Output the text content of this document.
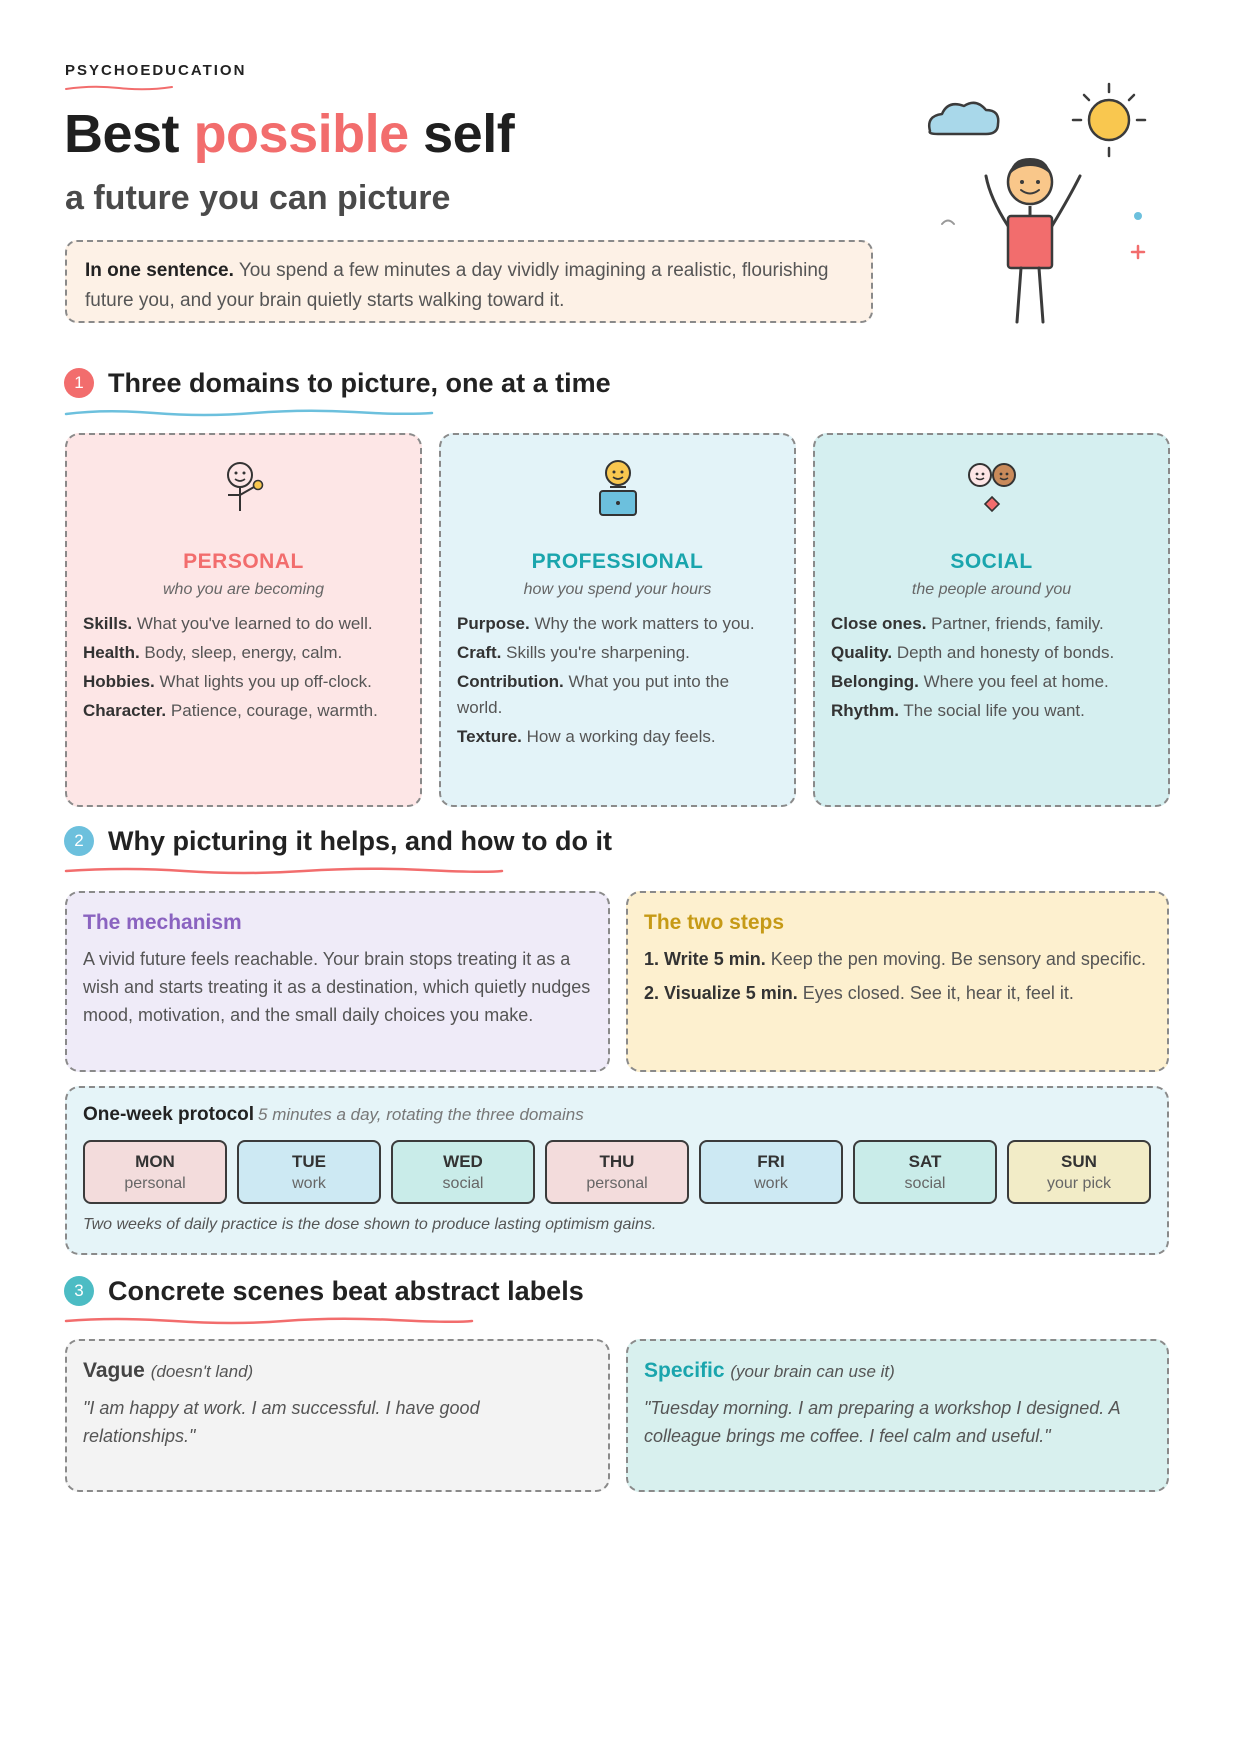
PSYCHOEDUCATION
Best possible self
a future you can picture
In one sentence. You spend a few minutes a day vividly imagining a realistic, flourishing future you, and your brain quietly starts walking toward it.
1 Three domains to picture, one at a time
PERSONAL
who you are becoming
Skills. What you've learned to do well.
Health. Body, sleep, energy, calm.
Hobbies. What lights you up off-clock.
Character. Patience, courage, warmth.
PROFESSIONAL
how you spend your hours
Purpose. Why the work matters to you.
Craft. Skills you're sharpening.
Contribution. What you put into the world.
Texture. How a working day feels.
SOCIAL
the people around you
Close ones. Partner, friends, family.
Quality. Depth and honesty of bonds.
Belonging. Where you feel at home.
Rhythm. The social life you want.
2 Why picturing it helps, and how to do it
The mechanism

A vivid future feels reachable. Your brain stops treating it as a wish and starts treating it as a destination, which quietly nudges mood, motivation, and the small daily choices you make.

The two steps

1. Write 5 min. Keep the pen moving. Be sensory and specific.

2. Visualize 5 min. Eyes closed. See it, hear it, feel it.

One-week protocol 5 minutes a day, rotating the three domains
MON
personal
TUE
work
WED
social
THU
personal
FRI
work
SAT
social
SUN
your pick
Two weeks of daily practice is the dose shown to produce lasting optimism gains.
3 Concrete scenes beat abstract labels
Vague (doesn't land)

"I am happy at work. I am successful. I have good relationships."

Specific (your brain can use it)

"Tuesday morning. I am preparing a workshop I designed. A colleague brings me coffee. I feel calm and useful."
